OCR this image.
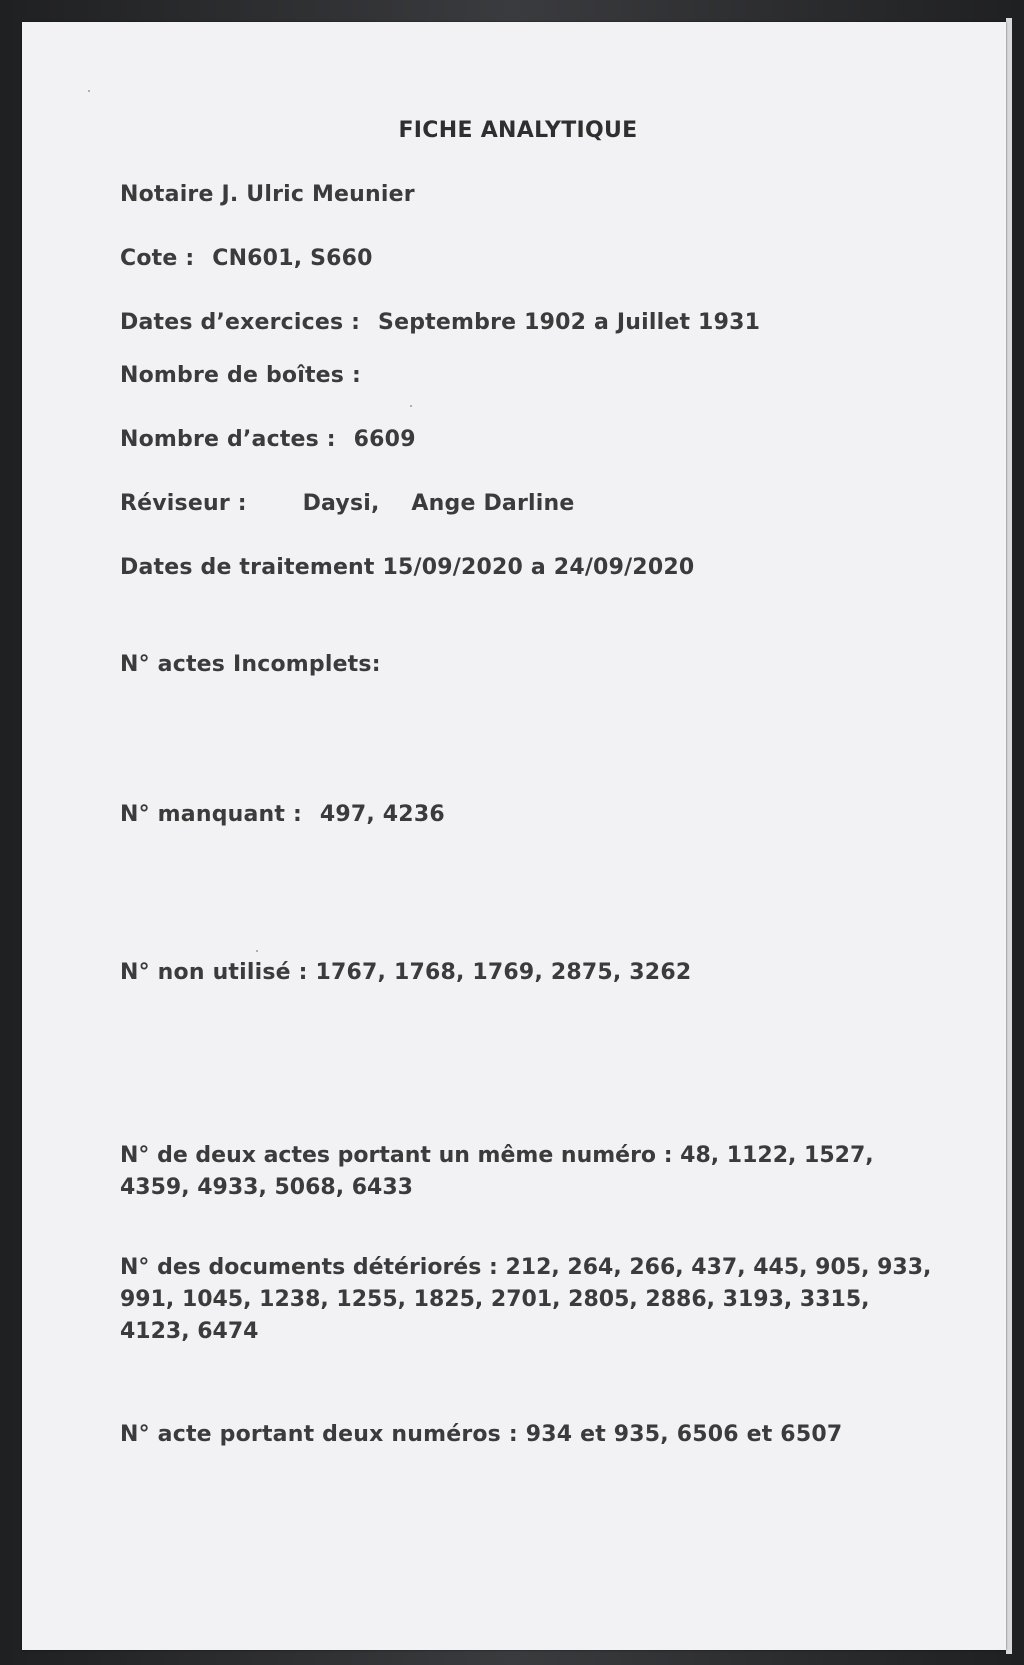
FICHE ANALYTIQUE
Notaire J. Ulric Meunier
Cote : CN601, S660
Dates d’exercices : Septembre 1902 a Juillet 1931
Nombre de boîtes :
Nombre d’actes : 6609
Réviseur :	Daysi, Ange Darline
Dates de traitement 15/09/2020 a 24/09/2020
N° actes Incomplets:
N° manquant : 497, 4236
N° non utilisé : 1767, 1768, 1769, 2875, 3262
N° de deux actes portant un même numéro : 48, 1122, 1527,
4359, 4933, 5068, 6433
N° des documents détériorés : 212, 264, 266, 437, 445, 905, 933,
991, 1045, 1238, 1255, 1825, 2701, 2805, 2886, 3193, 3315,
4123, 6474
N° acte portant deux numéros : 934 et 935, 6506 et 6507
